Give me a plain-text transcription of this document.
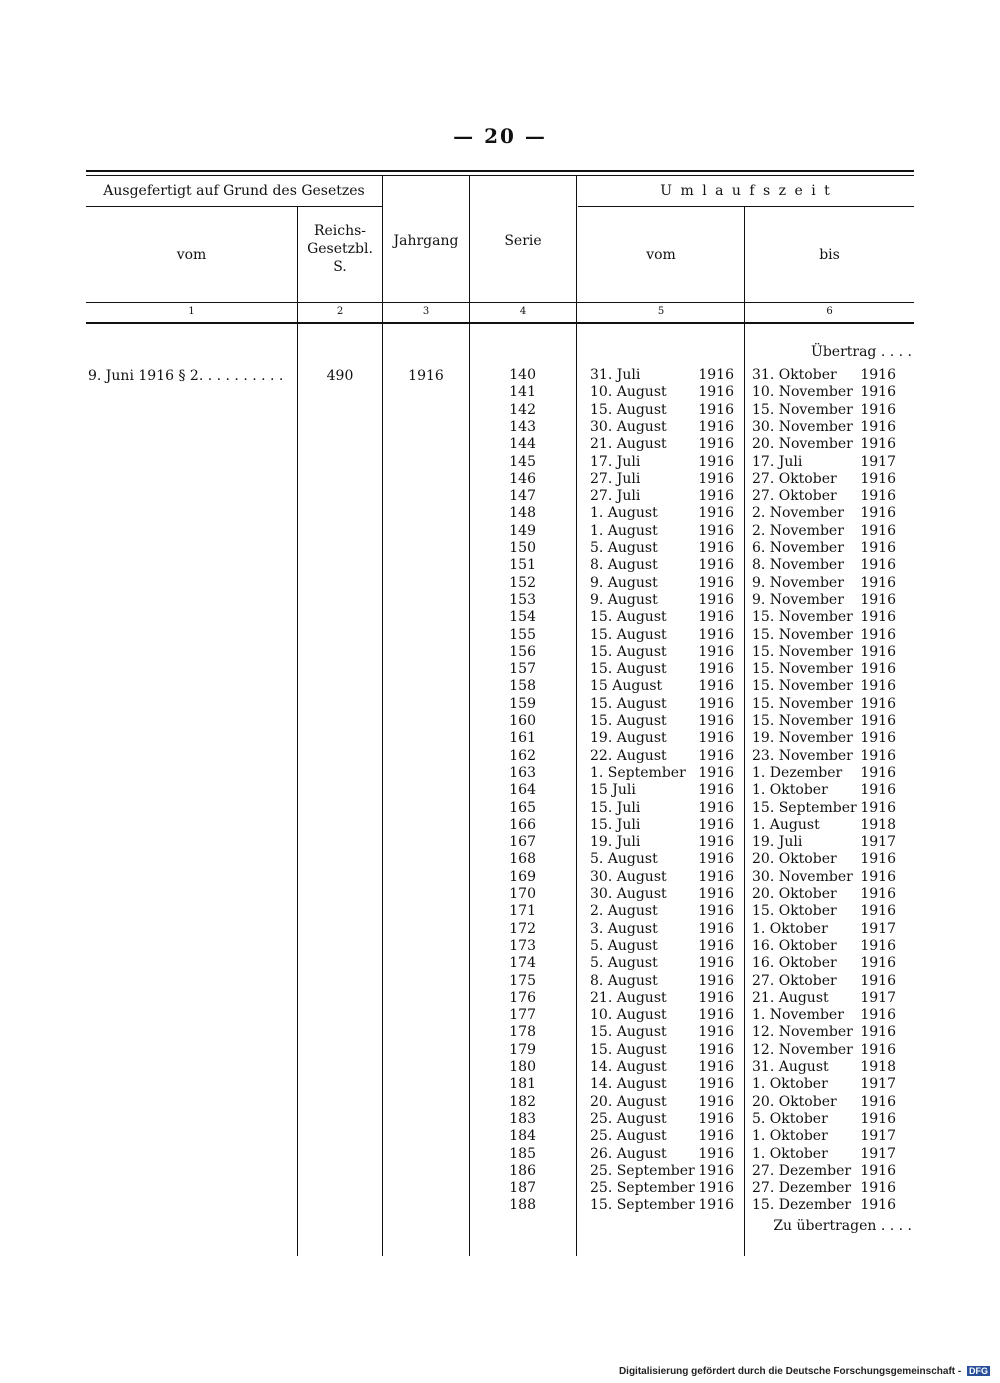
— 20 —
Ausgefertigt auf Grund des Gesetzes
vom
Reichs-
Gesetzbl.
S.
Jahrgang	Serie
U m l a u f s z e i t
vom	bis
1	2	3	4	5	6
Übertrag . . . .
9. Juni 1916 § 2. . . . . . . . . .	490	1916	140	31. Juli	1916 31. Oktober	1916
141	10. August	1916 10. November 1916
142	15. August	1916 15. November 1916
143	30. August	1916 30. November 1916
144	21. August	1916 20. November 1916
145	17. Juli	1916 17. Juli	1917
146	27. Juli	1916 27. Oktober	1916
147	27. Juli	1916 27. Oktober	1916
148	1. August	1916 2. November	1916
149	1. August	1916 2. November	1916
150	5. August	1916 6. November	1916
151	8. August	1916 8. November	1916
152	9. August	1916 9. November	1916
153	9. August	1916 9. November	1916
154	15. August	1916 15. November 1916
155	15. August	1916 15. November 1916
156	15. August	1916 15. November 1916
157	15. August	1916 15. November 1916
158	15 August	1916 15. November 1916
159	15. August	1916 15. November 1916
160	15. August	1916 15. November 1916
161	19. August	1916 19. November 1916
162	22. August	1916 23. November 1916
163	1. September 1916 1. Dezember	1916
164	15 Juli	1916 1. Oktober	1916
165	15. Juli	1916 15. September 1916
166	15. Juli	1916 1. August	1918
167	19. Juli	1916 19. Juli	1917
168	5. August	1916 20. Oktober	1916
169	30. August	1916 30. November 1916
170	30. August	1916 20. Oktober	1916
171	2. August	1916 15. Oktober	1916
172	3. August	1916 1. Oktober	1917
173	5. August	1916 16. Oktober	1916
174	5. August	1916 16. Oktober	1916
175	8. August	1916 27. Oktober	1916
176	21. August	1916 21. August	1917
177	10. August	1916 1. November	1916
178	15. August	1916 12. November 1916
179	15. August	1916 12. November 1916
180	14. August	1916 31. August	1918
181	14. August	1916 1. Oktober	1917
182	20. August	1916 20. Oktober	1916
183	25. August	1916 5. Oktober	1916
184	25. August	1916 1. Oktober	1917
185	26. August	1916 1. Oktober	1917
186	25. September 1916 27. Dezember 1916
187	25. September 1916 27. Dezember 1916
188	15. September 1916 15. Dezember 1916
Zu übertragen . . . .
Digitalisierung gefördert durch die Deutsche Forschungsgemeinschaft - DFG
